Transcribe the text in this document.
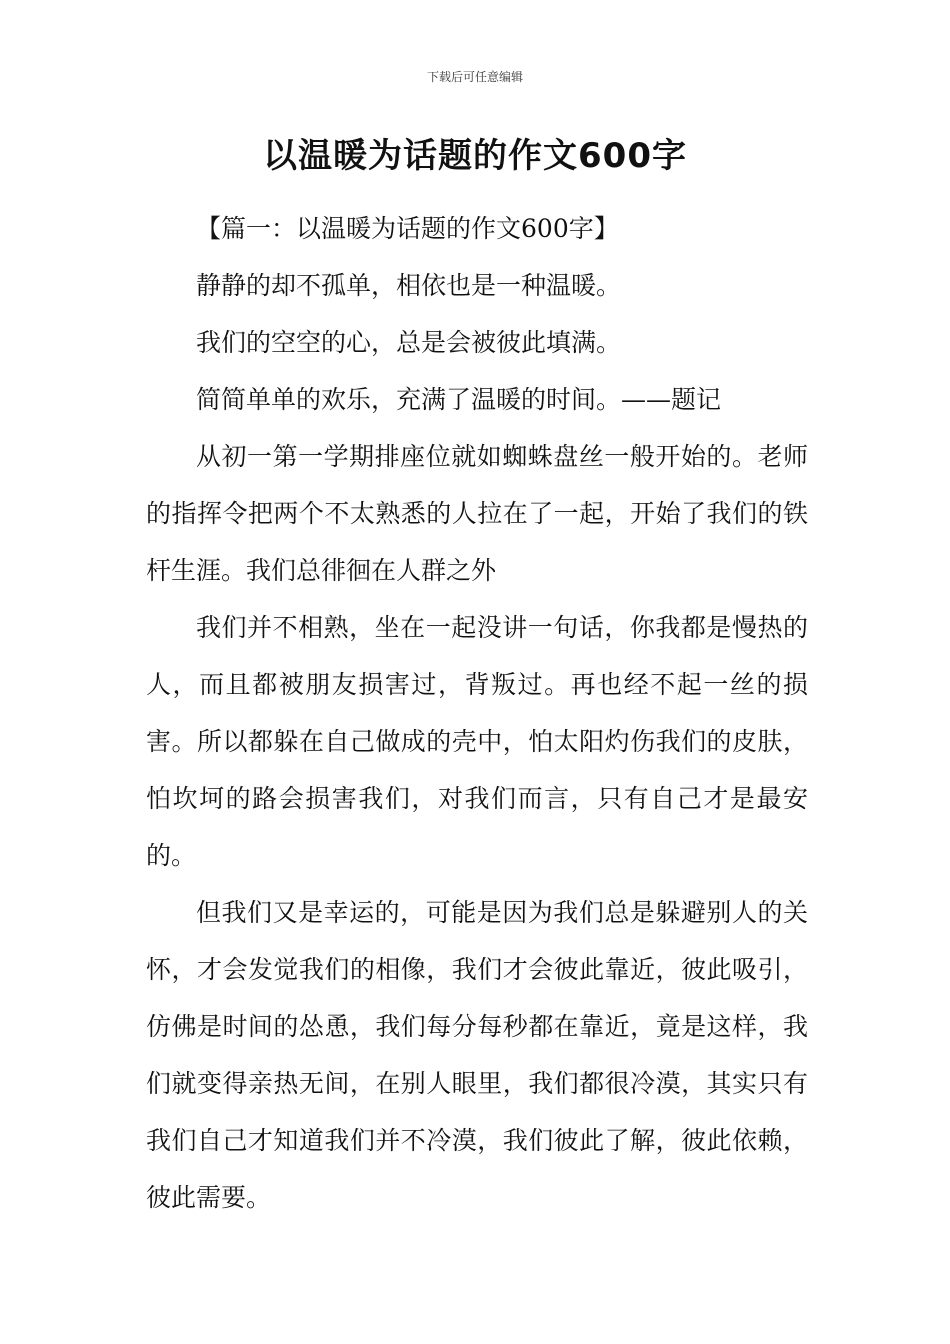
下载后可任意编辑
以温暖为话题的作文600字

【篇一：以温暖为话题的作文600字】

静静的却不孤单，相依也是一种温暖。

我们的空空的心，总是会被彼此填满。

简简单单的欢乐，充满了温暖的时间。——题记

从初一第一学期排座位就如蜘蛛盘丝一般开始的。老师的指挥令把两个不太熟悉的人拉在了一起，开始了我们的铁杆生涯。我们总徘徊在人群之外

我们并不相熟，坐在一起没讲一句话，你我都是慢热的人，而且都被朋友损害过，背叛过。再也经不起一丝的损害。所以都躲在自己做成的壳中，怕太阳灼伤我们的皮肤，怕坎坷的路会损害我们，对我们而言，只有自己才是最安的。

但我们又是幸运的，可能是因为我们总是躲避别人的关怀，才会发觉我们的相像，我们才会彼此靠近，彼此吸引，仿佛是时间的怂恿，我们每分每秒都在靠近，竟是这样，我们就变得亲热无间，在别人眼里，我们都很冷漠，其实只有我们自己才知道我们并不冷漠，我们彼此了解，彼此依赖，彼此需要。
